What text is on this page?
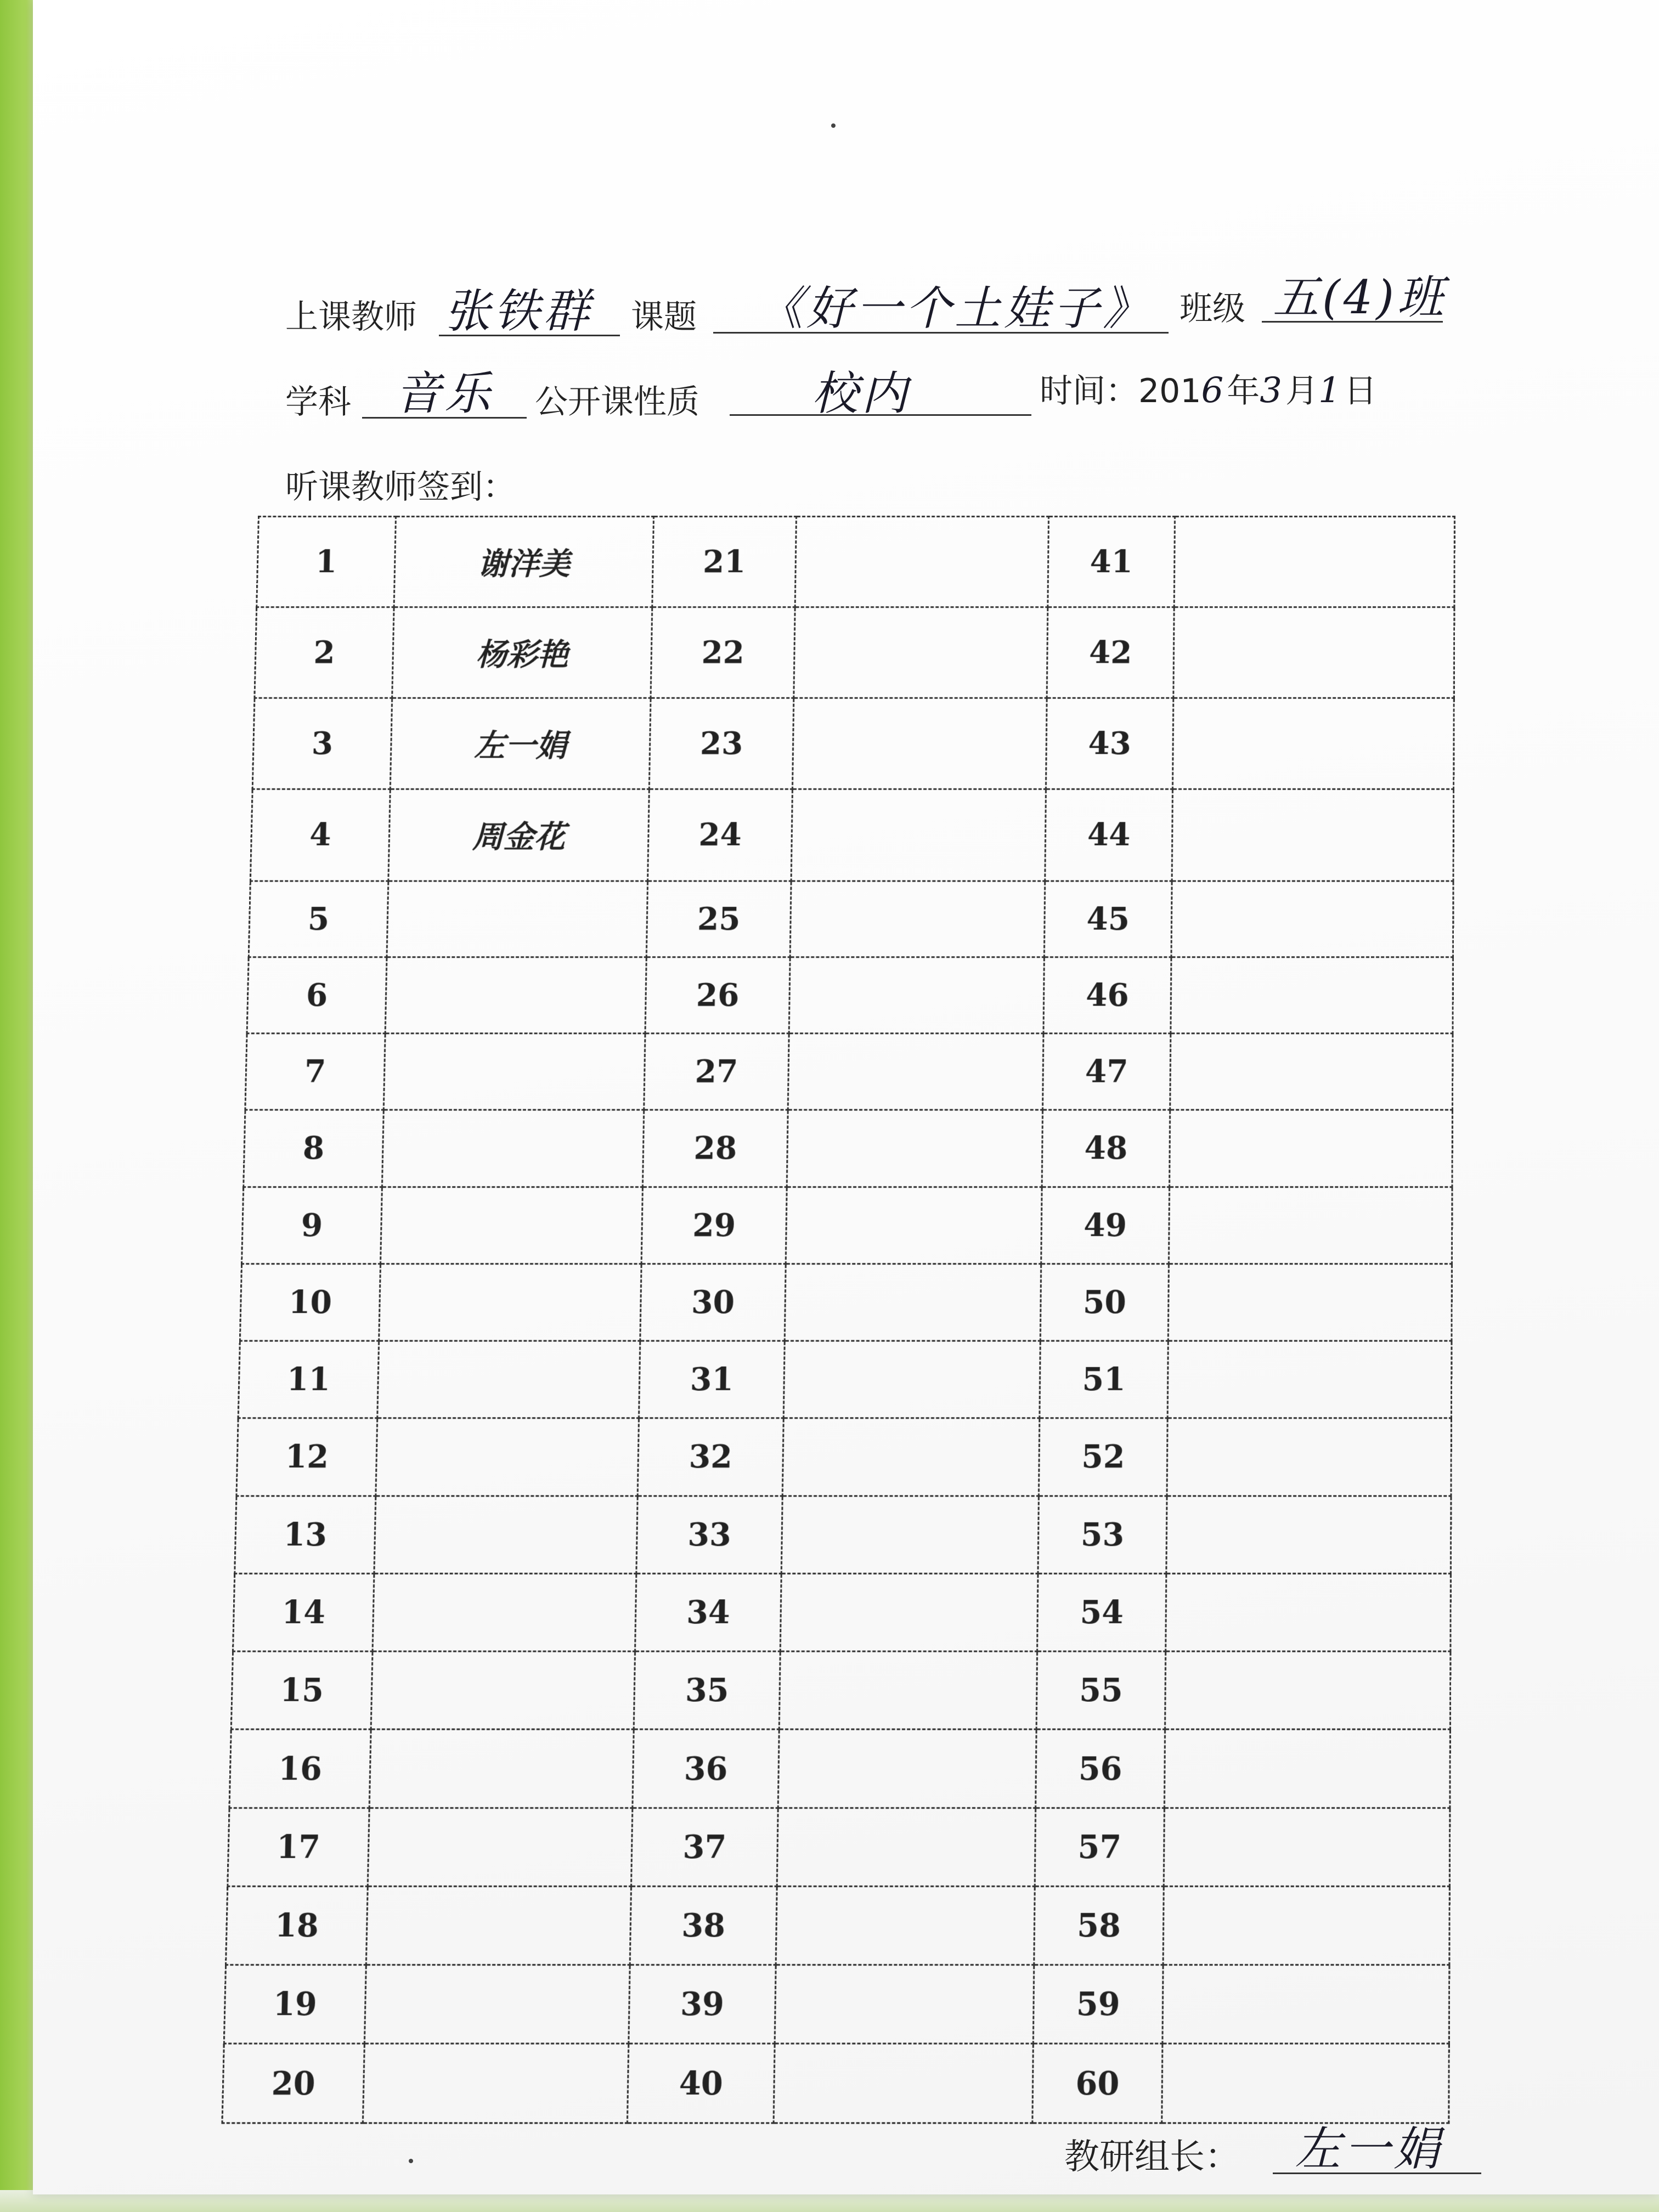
上课教师 张铁群 课题 《好一个土娃子》 班级 五(4)班
学科 音乐 公开课性质 校内	时间：2016年3月1日
听课教师签到：

1	谢洋美	21		41	
2	杨彩艳	22		42	
3	左一娟	23		43	
4	周金花	24		44	
5		25		45	
6		26		46	
7		27		47	
8		28		48	
9		29		49	
10		30		50	
11		31		51	
12		32		52	
13		33		53	
14		34		54	
15		35		55	
16		36		56	
17		37		57	
18		38		58	
19		39		59	
20		40		60	
教研组长： 左一娟
